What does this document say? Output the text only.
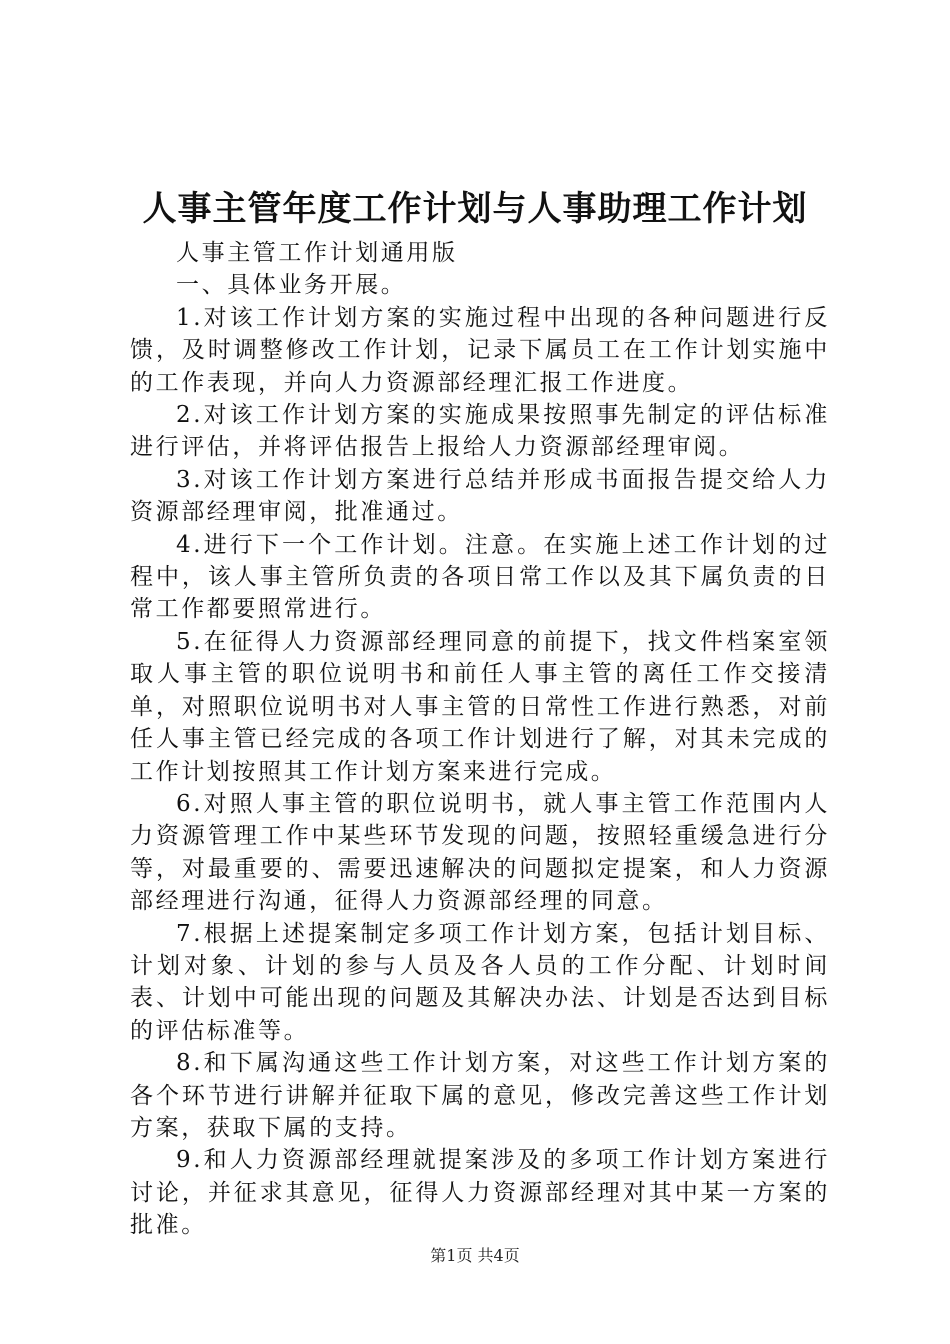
人事主管年度工作计划与人事助理工作计划

人事主管工作计划通用版

一、具体业务开展。

1.对该工作计划方案的实施过程中出现的各种问题进行反馈，及时调整修改工作计划，记录下属员工在工作计划实施中的工作表现，并向人力资源部经理汇报工作进度。

2.对该工作计划方案的实施成果按照事先制定的评估标准进行评估，并将评估报告上报给人力资源部经理审阅。

3.对该工作计划方案进行总结并形成书面报告提交给人力资源部经理审阅，批准通过。

4.进行下一个工作计划。注意。在实施上述工作计划的过程中，该人事主管所负责的各项日常工作以及其下属负责的日常工作都要照常进行。

5.在征得人力资源部经理同意的前提下，找文件档案室领取人事主管的职位说明书和前任人事主管的离任工作交接清单，对照职位说明书对人事主管的日常性工作进行熟悉，对前任人事主管已经完成的各项工作计划进行了解，对其未完成的工作计划按照其工作计划方案来进行完成。

6.对照人事主管的职位说明书，就人事主管工作范围内人力资源管理工作中某些环节发现的问题，按照轻重缓急进行分等，对最重要的、需要迅速解决的问题拟定提案，和人力资源部经理进行沟通，征得人力资源部经理的同意。

7.根据上述提案制定多项工作计划方案，包括计划目标、计划对象、计划的参与人员及各人员的工作分配、计划时间表、计划中可能出现的问题及其解决办法、计划是否达到目标的评估标准等。

8.和下属沟通这些工作计划方案，对这些工作计划方案的各个环节进行讲解并征取下属的意见，修改完善这些工作计划方案，获取下属的支持。

9.和人力资源部经理就提案涉及的多项工作计划方案进行讨论，并征求其意见，征得人力资源部经理对其中某一方案的批准。

第1页 共4页
